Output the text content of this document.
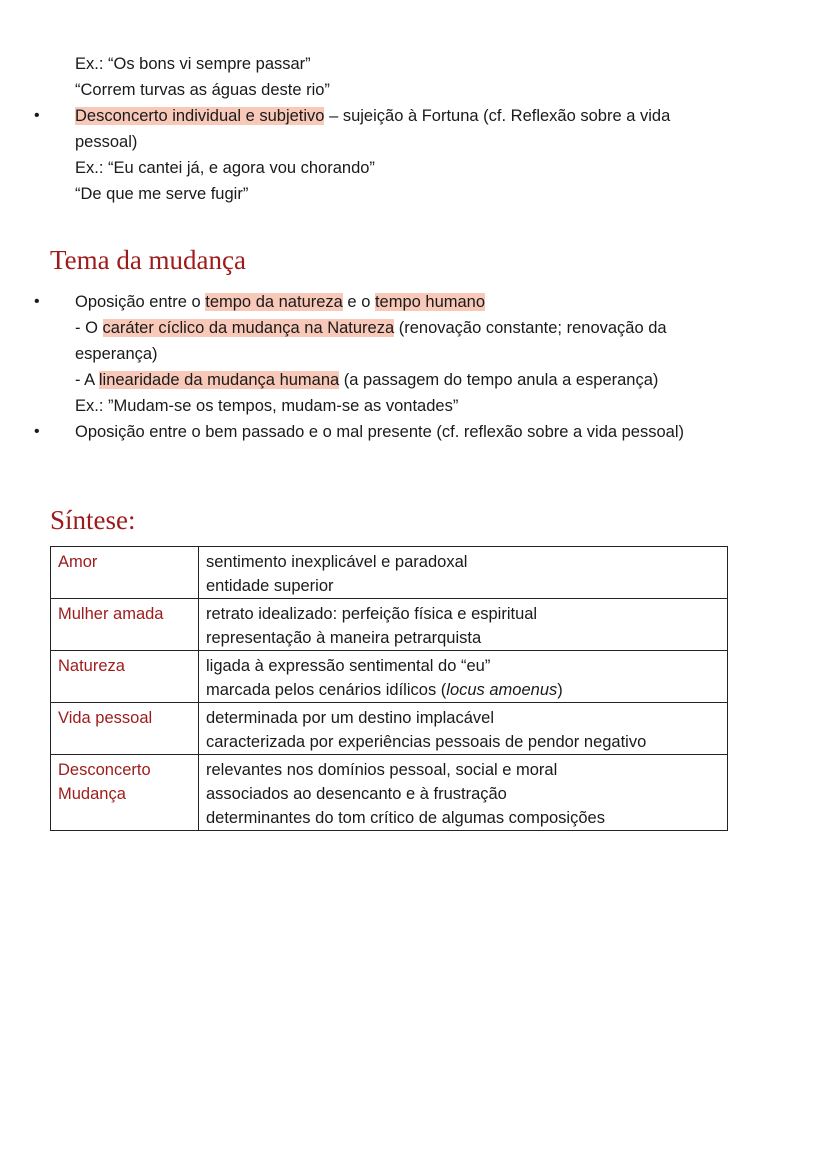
Ex.: “Os bons vi sempre passar”
“Correm turvas as águas deste rio”
• Desconcerto individual e subjetivo – sujeição à Fortuna (cf. Reflexão sobre a vida
pessoal)
Ex.: “Eu cantei já, e agora vou chorando”
“De que me serve fugir”
Tema da mudança
• Oposição entre o tempo da natureza e o tempo humano
- O caráter cíclico da mudança na Natureza (renovação constante; renovação da
esperança)
- A linearidade da mudança humana (a passagem do tempo anula a esperança)
Ex.: ”Mudam-se os tempos, mudam-se as vontades”
• Oposição entre o bem passado e o mal presente (cf. reflexão sobre a vida pessoal)
Síntese:
Amor	sentimento inexplicável e paradoxal
entidade superior

Mulher amada	retrato idealizado: perfeição física e espiritual
representação à maneira petrarquista

Natureza	ligada à expressão sentimental do “eu”
marcada pelos cenários idílicos (locus amoenus)

Vida pessoal	determinada por um destino implacável
caracterizada por experiências pessoais de pendor negativo

Desconcerto
Mudança	relevantes nos domínios pessoal, social e moral
associados ao desencanto e à frustração
determinantes do tom crítico de algumas composições
